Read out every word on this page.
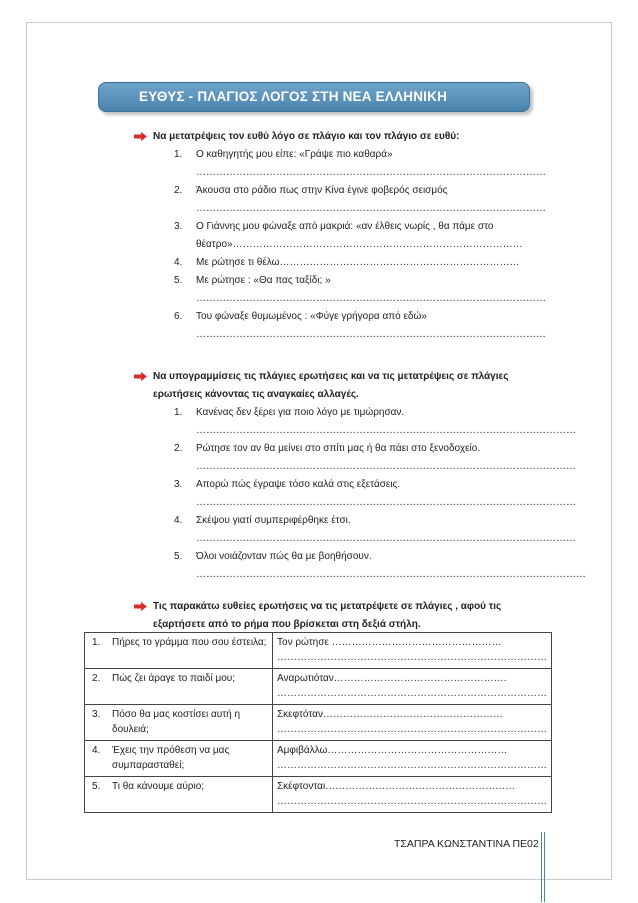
ΕΥΘΥΣ - ΠΛΑΓΙΟΣ ΛΟΓΟΣ ΣΤΗ ΝΕΑ ΕΛΛΗΝΙΚΗ
Να μετατρέψεις τον ευθύ λόγο σε πλάγιο και τον πλάγιο σε ευθύ:
1. Ο καθηγητής μου είπε: «Γράψε πιο καθαρά»
……………………………………………………………………………………………
2. Άκουσα στο ράδιο πως στην Κίνα έγινε φοβερός σεισμός
……………………………………………………………………………………………
3. Ο Γιάννης μου φώναξε από μακριά: «αν έλθεις νωρίς , θα πάμε στο
θέατρο»……………………………………………………………………………
4. Με ρώτησε τι θέλω………………………………………………………………
5. Με ρώτησε : «Θα πας ταξίδι; »
……………………………………………………………………………………………
6. Του φώναξε θυμωμένος : «Φύγε γρήγορα από εδώ»
……………………………………………………………………………………………
Να υπογραμμίσεις τις πλάγιες ερωτήσεις και να τις μετατρέψεις σε πλάγιες
ερωτήσεις κάνοντας τις αναγκαίες αλλαγές.
1. Κανένας δεν ξέρει για ποιο λόγο με τιμώρησαν.
……………………………………………………………………………………………………
2. Ρώτησε τον αν θα μείνει στο σπίτι μας ή θα πάει στο ξενοδοχείο.
……………………………………………………………………………………………………
3. Απορώ πώς έγραψε τόσο καλά στις εξετάσεις.
……………………………………………………………………………………………………
4. Σκέψου γιατί συμπεριφέρθηκε έτσι.
……………………………………………………………………………………………………
5. Όλοι νοιάζονταν πώς θα με βοηθήσουν.
………………………………………………………………………………………………………
Τις παρακάτω ευθείες ερωτήσεις να τις μετατρέψετε σε πλάγιες , αφού τις
εξαρτήσετε από το ρήμα που βρίσκεται στη δεξιά στήλη.
1. Πήρες το γράμμα που σου έστειλα;	Τον ρώτησε ……………………………………………
………………………………………………………………………

2. Πώς ζει άραγε το παιδί μου;	Αναρωτιόταν…………………………………………….
………………………………………………………………………

3. Πόσο θα μας κοστίσει αυτή η
δουλειά;	Σκεφτόταν………………………………………………
………………………………………………………………………

4. Έχεις την πρόθεση να μας
συμπαρασταθεί;	Αμφιβάλλω………………………………………………
………………………………………………………………………

5. Τι θα κάνουμε αύριο;	Σκέφτονται…………………………………………………
………………………………………………………………………
ΤΣΑΠΡΑ ΚΩΝΣΤΑΝΤΙΝΑ ΠΕ02
